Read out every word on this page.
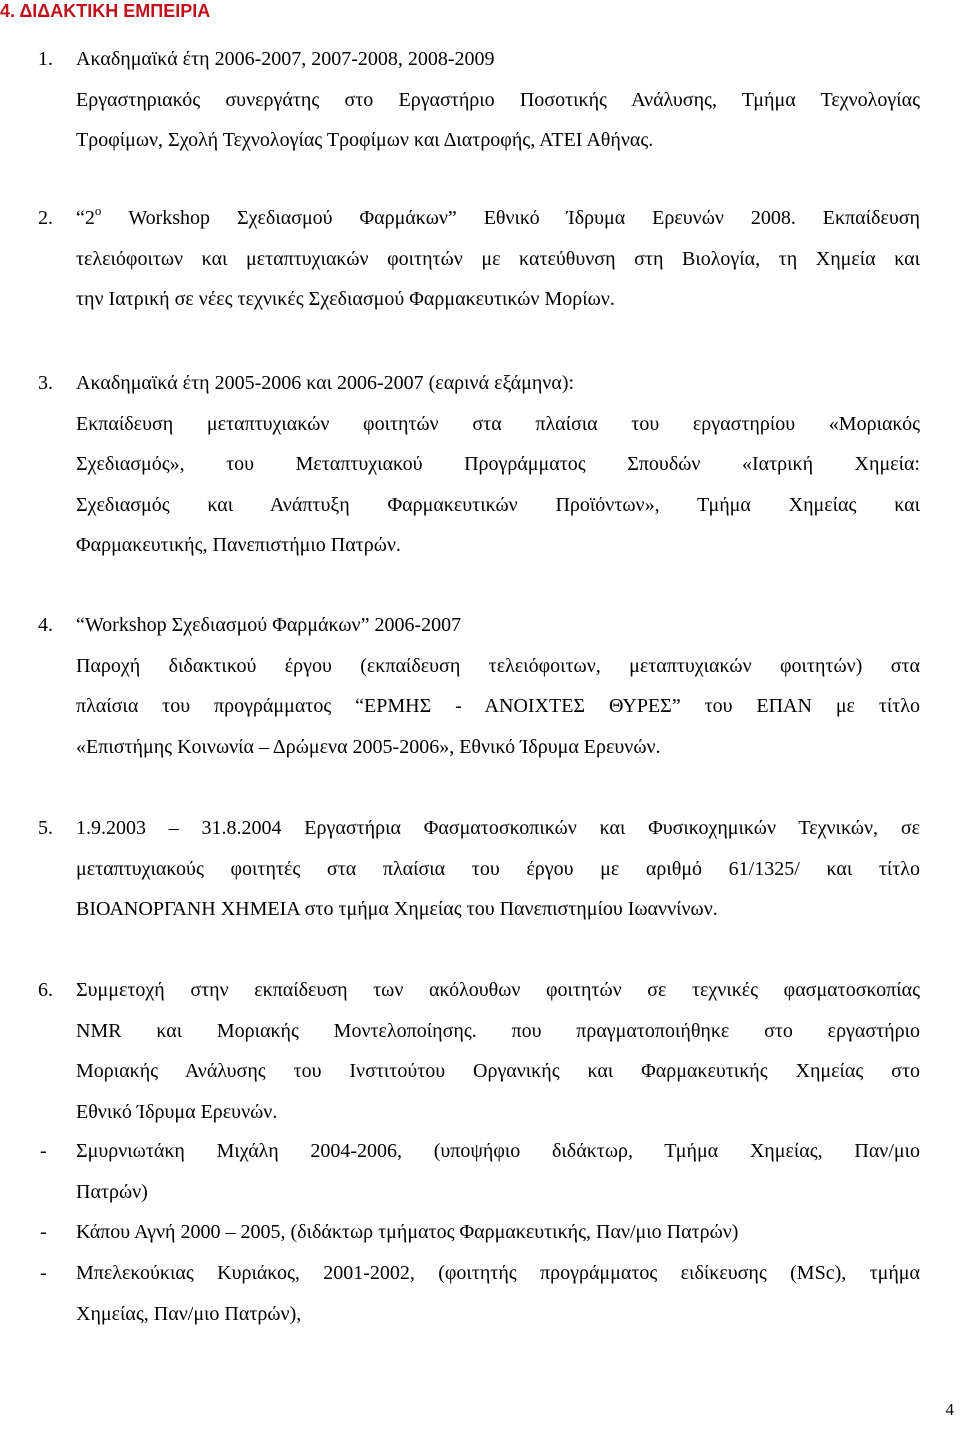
4. ΔΙΔΑΚΤΙΚΗ ΕΜΠΕΙΡΙΑ
1. Ακαδημαϊκά έτη 2006-2007, 2007-2008, 2008-2009
Εργαστηριακός συνεργάτης στο Εργαστήριο Ποσοτικής Ανάλυσης, Τμήμα Τεχνολογίας
Τροφίμων, Σχολή Τεχνολογίας Τροφίμων και Διατροφής, ΑΤΕΙ Αθήνας.
2. “$2^o$ Workshop Σχεδιασμού Φαρμάκων” Εθνικό Ίδρυμα Ερευνών 2008. Εκπαίδευση
τελειόφοιτων και μεταπτυχιακών φοιτητών με κατεύθυνση στη Βιολογία, τη Χημεία και
την Ιατρική σε νέες τεχνικές Σχεδιασμού Φαρμακευτικών Μορίων.
3. Ακαδημαϊκά έτη 2005-2006 και 2006-2007 (εαρινά εξάμηνα):
Εκπαίδευση μεταπτυχιακών φοιτητών στα πλαίσια του εργαστηρίου «Μοριακός
Σχεδιασμός», του Μεταπτυχιακού Προγράμματος Σπουδών «Ιατρική Χημεία:
Σχεδιασμός και Ανάπτυξη Φαρμακευτικών Προϊόντων», Τμήμα Χημείας και
Φαρμακευτικής, Πανεπιστήμιο Πατρών.
4. “Workshop Σχεδιασμού Φαρμάκων” 2006-2007
Παροχή διδακτικού έργου (εκπαίδευση τελειόφοιτων, μεταπτυχιακών φοιτητών) στα
πλαίσια του προγράμματος “ΕΡΜΗΣ - ΑΝΟΙΧΤΕΣ ΘΥΡΕΣ” του ΕΠΑΝ με τίτλο
«Επιστήμης Κοινωνία – Δρώμενα 2005-2006», Εθνικό Ίδρυμα Ερευνών.
5. 1.9.2003 – 31.8.2004 Εργαστήρια Φασματοσκοπικών και Φυσικοχημικών Τεχνικών, σε
μεταπτυχιακούς φοιτητές στα πλαίσια του έργου με αριθμό 61/1325/ και τίτλο
ΒΙΟΑΝΟΡΓΑΝΗ ΧΗΜΕΙΑ στο τμήμα Χημείας του Πανεπιστημίου Ιωαννίνων.
6. Συμμετοχή στην εκπαίδευση των ακόλουθων φοιτητών σε τεχνικές φασματοσκοπίας
NMR και Μοριακής Μοντελοποίησης. που πραγματοποιήθηκε στο εργαστήριο
Μοριακής Ανάλυσης του Ινστιτούτου Οργανικής και Φαρμακευτικής Χημείας στο
Εθνικό Ίδρυμα Ερευνών.
- Σμυρνιωτάκη Μιχάλη 2004-2006, (υποψήφιο διδάκτωρ, Τμήμα Χημείας, Παν/μιο
Πατρών)
- Κάπου Αγνή 2000 – 2005, (διδάκτωρ τμήματος Φαρμακευτικής, Παν/μιο Πατρών)
- Μπελεκούκιας Κυριάκος, 2001-2002, (φοιτητής προγράμματος ειδίκευσης (MSc), τμήμα
Χημείας, Παν/μιο Πατρών),
4
